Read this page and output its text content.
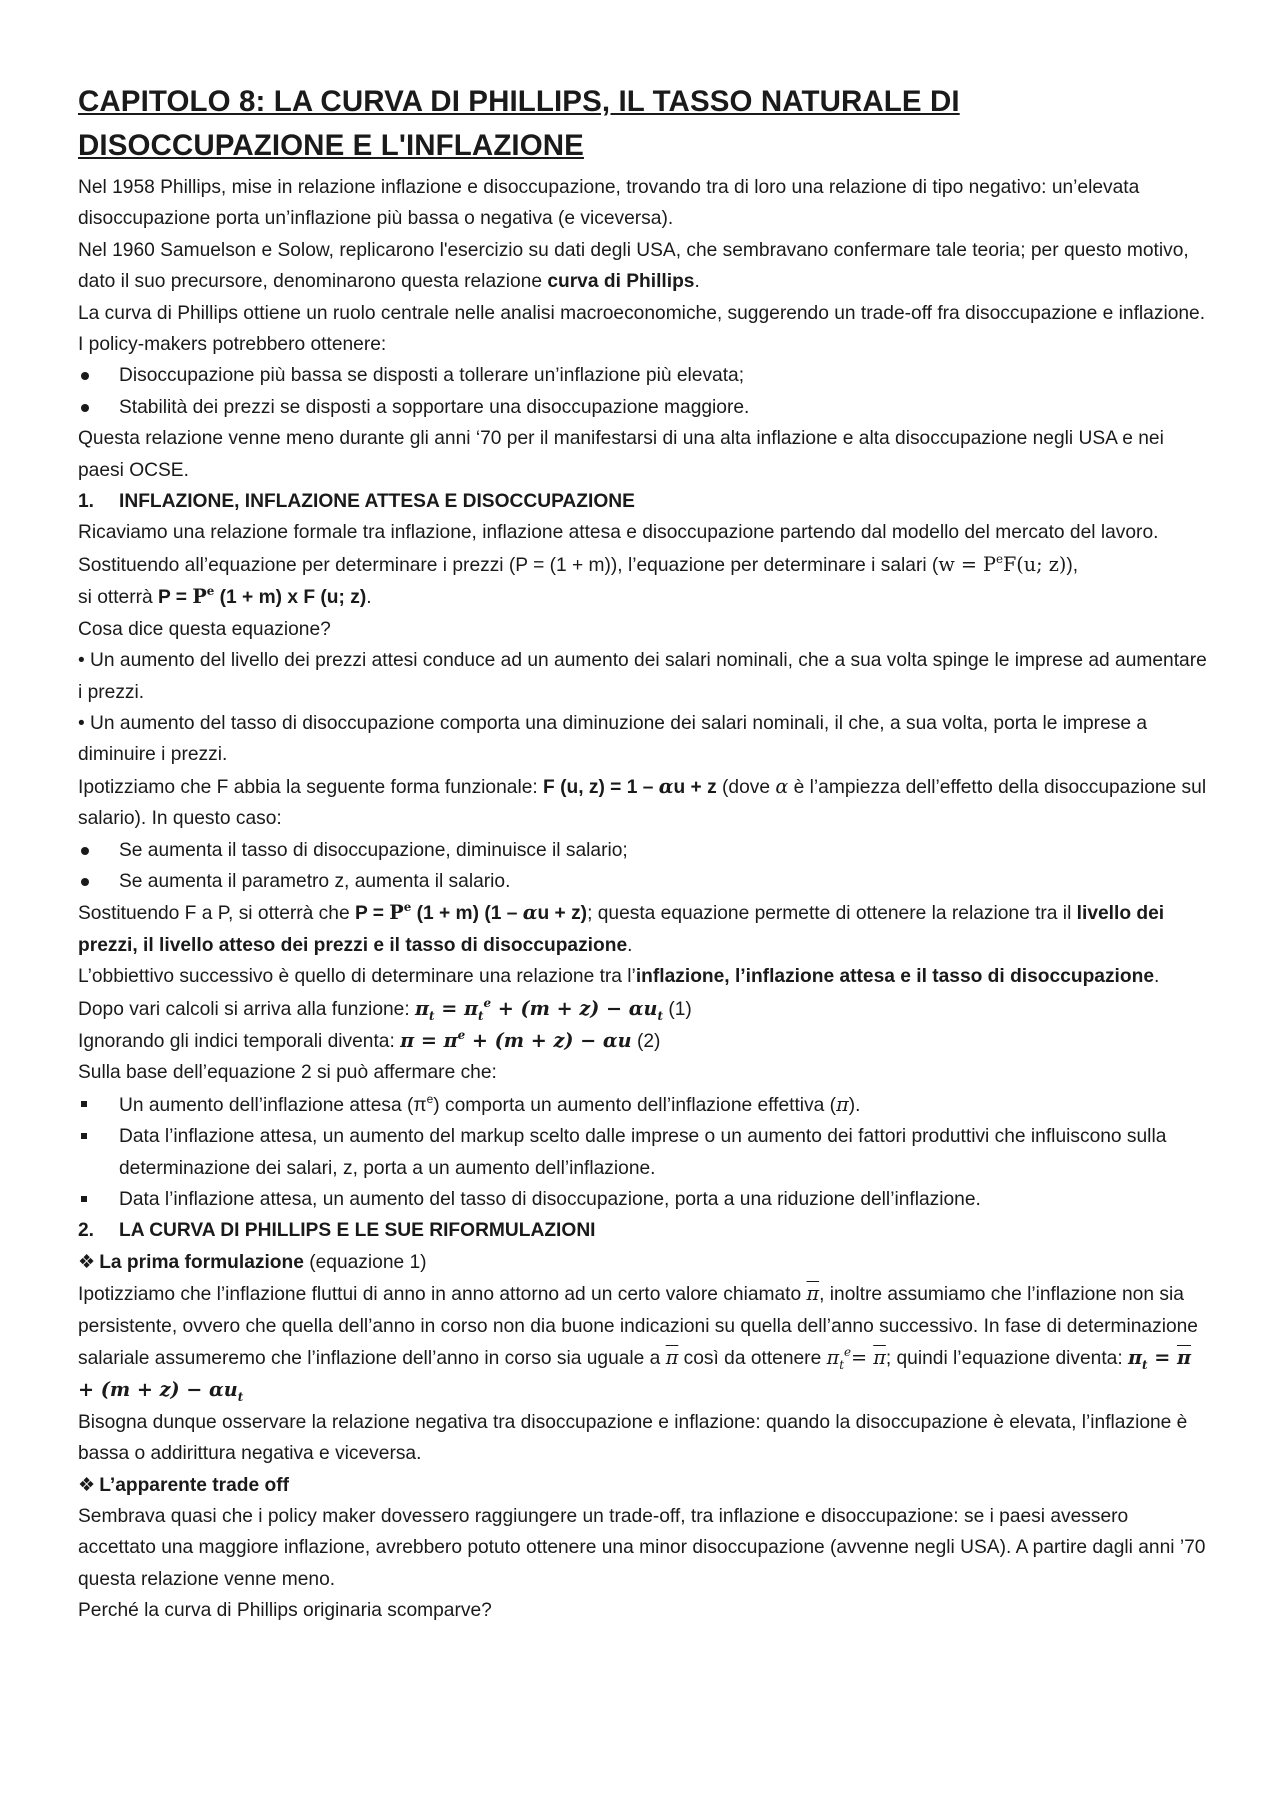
CAPITOLO 8: LA CURVA DI PHILLIPS, IL TASSO NATURALE DI DISOCCUPAZIONE E L'INFLAZIONE

Nel 1958 Phillips, mise in relazione inflazione e disoccupazione, trovando tra di loro una relazione di tipo negativo: un’elevata disoccupazione porta un’inflazione più bassa o negativa (e viceversa).

Nel 1960 Samuelson e Solow, replicarono l'esercizio su dati degli USA, che sembravano confermare tale teoria; per questo motivo, dato il suo precursore, denominarono questa relazione curva di Phillips.

La curva di Phillips ottiene un ruolo centrale nelle analisi macroeconomiche, suggerendo un trade-off fra disoccupazione e inflazione.

I policy-makers potrebbero ottenere:

Disoccupazione più bassa se disposti a tollerare un’inflazione più elevata;

Stabilità dei prezzi se disposti a sopportare una disoccupazione maggiore.

Questa relazione venne meno durante gli anni ‘70 per il manifestarsi di una alta inflazione e alta disoccupazione negli USA e nei paesi OCSE.

1. INFLAZIONE, INFLAZIONE ATTESA E DISOCCUPAZIONE

Ricaviamo una relazione formale tra inflazione, inflazione attesa e disoccupazione partendo dal modello del mercato del lavoro.

Sostituendo all’equazione per determinare i prezzi (P = (1 + m)), l’equazione per determinare i salari ($w = P^eF(u$; z)),
si otterrà $P = P^e$ (1 + m) x F (u; z).

Cosa dice questa equazione?

• Un aumento del livello dei prezzi attesi conduce ad un aumento dei salari nominali, che a sua volta spinge le imprese ad aumentare i prezzi.

• Un aumento del tasso di disoccupazione comporta una diminuzione dei salari nominali, il che, a sua volta, porta le imprese a diminuire i prezzi.

Ipotizziamo che F abbia la seguente forma funzionale: F (u, z) = 1 – αu + z (dove α è l’ampiezza dell’effetto della disoccupazione sul salario). In questo caso:

Se aumenta il tasso di disoccupazione, diminuisce il salario;

Se aumenta il parametro z, aumenta il salario.

Sostituendo F a P, si otterrà che $P = P^e$ (1 + m) (1 – αu + z); questa equazione permette di ottenere la relazione tra il livello dei prezzi, il livello atteso dei prezzi e il tasso di disoccupazione.

L’obbiettivo successivo è quello di determinare una relazione tra l’inflazione, l’inflazione attesa e il tasso di disoccupazione.

Dopo vari calcoli si arriva alla funzione: $\pi_t = \pi_t^e + (m + z) - \alpha u_t$ (1)

Ignorando gli indici temporali diventa: $\pi = \pi^e + (m + z) - \alpha u$ (2)

Sulla base dell’equazione 2 si può affermare che:

Un aumento dell’inflazione attesa $(\pi^e)$ comporta un aumento dell’inflazione effettiva (π).

Data l’inflazione attesa, un aumento del markup scelto dalle imprese o un aumento dei fattori produttivi che influiscono sulla determinazione dei salari, z, porta a un aumento dell’inflazione.

Data l’inflazione attesa, un aumento del tasso di disoccupazione, porta a una riduzione dell’inflazione.

2. LA CURVA DI PHILLIPS E LE SUE RIFORMULAZIONI

❖ La prima formulazione (equazione 1)

Ipotizziamo che l’inflazione fluttui di anno in anno attorno ad un certo valore chiamato $\overline{\pi}$, inoltre assumiamo che l’inflazione non sia persistente, ovvero che quella dell’anno in corso non dia buone indicazioni su quella dell’anno successivo. In fase di determinazione salariale assumeremo che l’inflazione dell’anno in corso sia uguale a $\overline{\pi}$ così da ottenere $\pi_t^e= \overline{\pi}$; quindi l’equazione diventa: $\pi_t = \overline{\pi} + (m + z) - \alpha u_t$

Bisogna dunque osservare la relazione negativa tra disoccupazione e inflazione: quando la disoccupazione è elevata, l’inflazione è bassa o addirittura negativa e viceversa.

❖ L’apparente trade off

Sembrava quasi che i policy maker dovessero raggiungere un trade-off, tra inflazione e disoccupazione: se i paesi avessero accettato una maggiore inflazione, avrebbero potuto ottenere una minor disoccupazione (avvenne negli USA). A partire dagli anni ’70 questa relazione venne meno.

Perché la curva di Phillips originaria scomparve?
